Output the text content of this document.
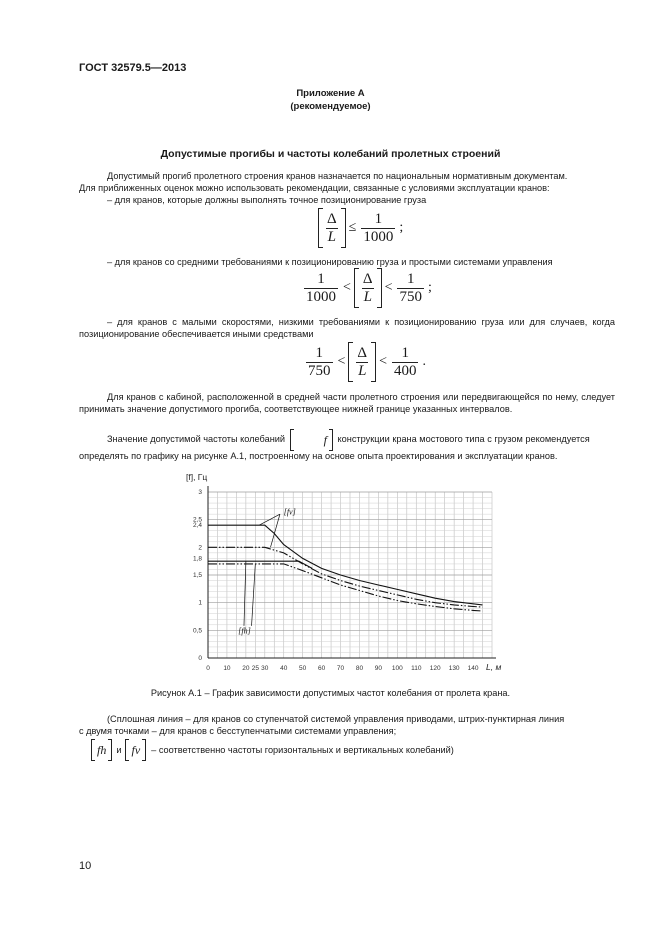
ГОСТ 32579.5—2013
Приложение А
(рекомендуемое)
Допустимые прогибы и частоты колебаний пролетных строений
Допустимый прогиб пролетного строения кранов назначается по национальным нормативным документам.
Для приближенных оценок можно использовать рекомендации, связанные с условиями эксплуатации кранов:
– для кранов, которые должны выполнять точное позиционирование груза
$\frac{\Delta}{L} \le \frac{1}{1000}$ ;
– для кранов со средними требованиями к позиционированию груза и простыми системами управления
$\frac{1}{1000} < \frac{\Delta}{L} < \frac{1}{750}$ ;
– для кранов с малыми скоростями, низкими требованиями к позиционированию груза или для случаев, когда позиционирование обеспечивается иными средствами
$\frac{1}{750} < \frac{\Delta}{L} < \frac{1}{400}$ .
Для кранов с кабиной, расположенной в средней части пролетного строения или передвигающейся по нему, следует принимать значение допустимого прогиба, соответствующее нижней границе указанных интервалов.
Значение допустимой частоты колебаний	f конструкции крана мостового типа с грузом рекомендуется
определять по графику на рисунке А.1, построенному на основе опыта проектирования и эксплуатации кранов.
0 10 20 25 30 40 50 60 70 80 90 100 110 120 130 140
0
0,5
1
1,5
1,8
2
2,4
2,5
3
[f], Гц
L, м
[fv]
[fh]
Рисунок А.1 – График зависимости допустимых частот колебания от пролета крана.
(Сплошная линия – для кранов со ступенчатой системой управления приводами, штрих-пунктирная линия
с двумя точками – для кранов с бесступенчатыми системами управления;
fh	и fv	– соответственно частоты горизонтальных и вертикальных колебаний)
10
